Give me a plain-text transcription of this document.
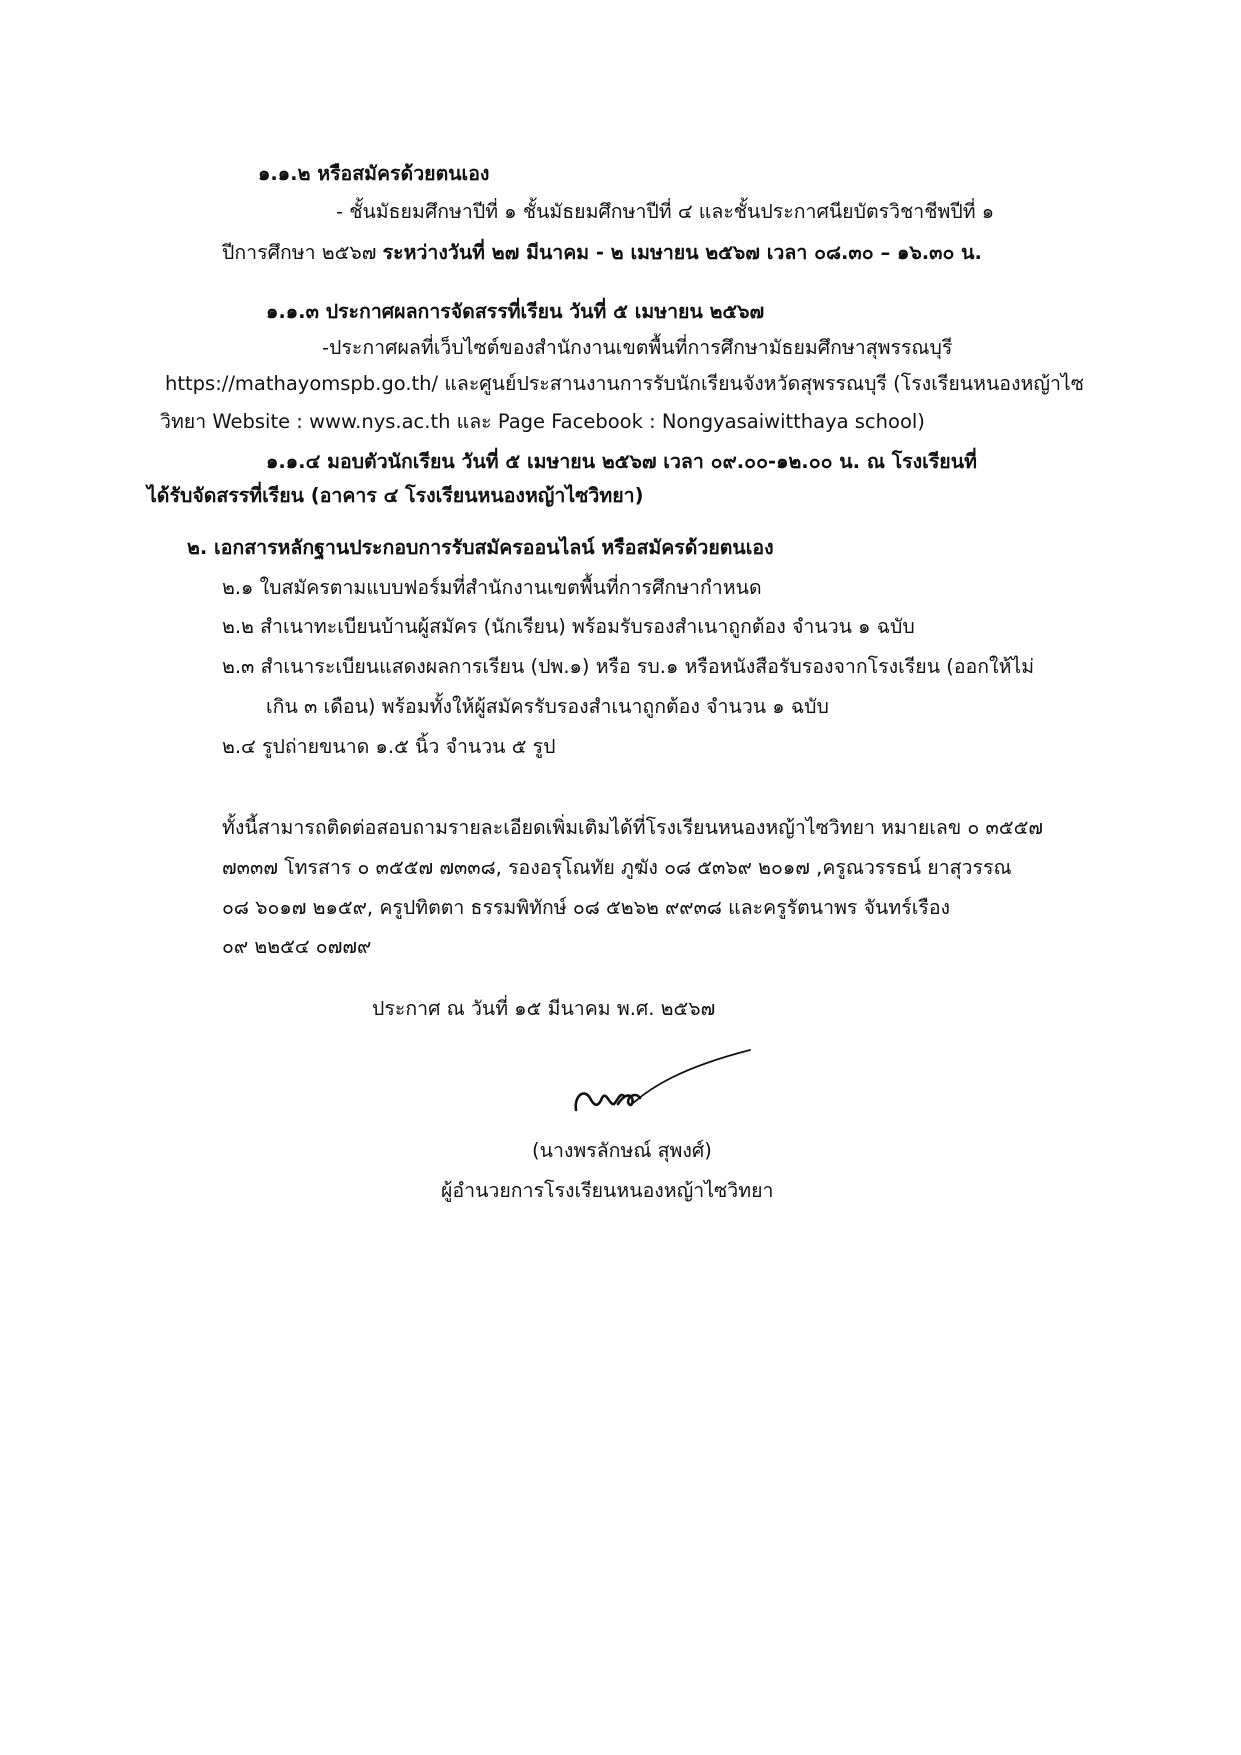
๑.๑.๒ หรือสมัครด้วยตนเอง
- ชั้นมัธยมศึกษาปีที่ ๑ ชั้นมัธยมศึกษาปีที่ ๔ และชั้นประกาศนียบัตรวิชาชีพปีที่ ๑
ปีการศึกษา ๒๕๖๗ ระหว่างวันที่ ๒๗ มีนาคม - ๒ เมษายน ๒๕๖๗ เวลา ๐๘.๓๐ – ๑๖.๓๐ น.
๑.๑.๓ ประกาศผลการจัดสรรที่เรียน วันที่ ๕ เมษายน ๒๕๖๗
-ประกาศผลที่เว็บไซต์ของสำนักงานเขตพื้นที่การศึกษามัธยมศึกษาสุพรรณบุรี
https://mathayomspb.go.th/ และศูนย์ประสานงานการรับนักเรียนจังหวัดสุพรรณบุรี (โรงเรียนหนองหญ้าไซ
วิทยา Website : www.nys.ac.th และ Page Facebook : Nongyasaiwitthaya school)
๑.๑.๔ มอบตัวนักเรียน วันที่ ๕ เมษายน ๒๕๖๗ เวลา ๐๙.๐๐-๑๒.๐๐ น. ณ โรงเรียนที่
ได้รับจัดสรรที่เรียน (อาคาร ๔ โรงเรียนหนองหญ้าไซวิทยา)
๒. เอกสารหลักฐานประกอบการรับสมัครออนไลน์ หรือสมัครด้วยตนเอง
๒.๑ ใบสมัครตามแบบฟอร์มที่สำนักงานเขตพื้นที่การศึกษากำหนด
๒.๒ สำเนาทะเบียนบ้านผู้สมัคร (นักเรียน) พร้อมรับรองสำเนาถูกต้อง จำนวน ๑ ฉบับ
๒.๓ สำเนาระเบียนแสดงผลการเรียน (ปพ.๑) หรือ รบ.๑ หรือหนังสือรับรองจากโรงเรียน (ออกให้ไม่
เกิน ๓ เดือน) พร้อมทั้งให้ผู้สมัครรับรองสำเนาถูกต้อง จำนวน ๑ ฉบับ
๒.๔ รูปถ่ายขนาด ๑.๕ นิ้ว จำนวน ๕ รูป
ทั้งนี้สามารถติดต่อสอบถามรายละเอียดเพิ่มเติมได้ที่โรงเรียนหนองหญ้าไซวิทยา หมายเลข ๐ ๓๕๕๗
๗๓๓๗ โทรสาร ๐ ๓๕๕๗ ๗๓๓๘, รองอรุโณทัย ภูฆัง ๐๘ ๕๓๖๙ ๒๐๑๗ ,ครูณวรรธน์ ยาสุวรรณ
๐๘ ๖๐๑๗ ๒๑๕๙, ครูปทิตตา ธรรมพิทักษ์ ๐๘ ๕๒๖๒ ๙๙๓๘ และครูรัตนาพร จันทร์เรือง
๐๙ ๒๒๕๔ ๐๗๗๙
ประกาศ ณ วันที่ ๑๕ มีนาคม พ.ศ. ๒๕๖๗
(นางพรลักษณ์ สุพงศ์)
ผู้อำนวยการโรงเรียนหนองหญ้าไซวิทยา
